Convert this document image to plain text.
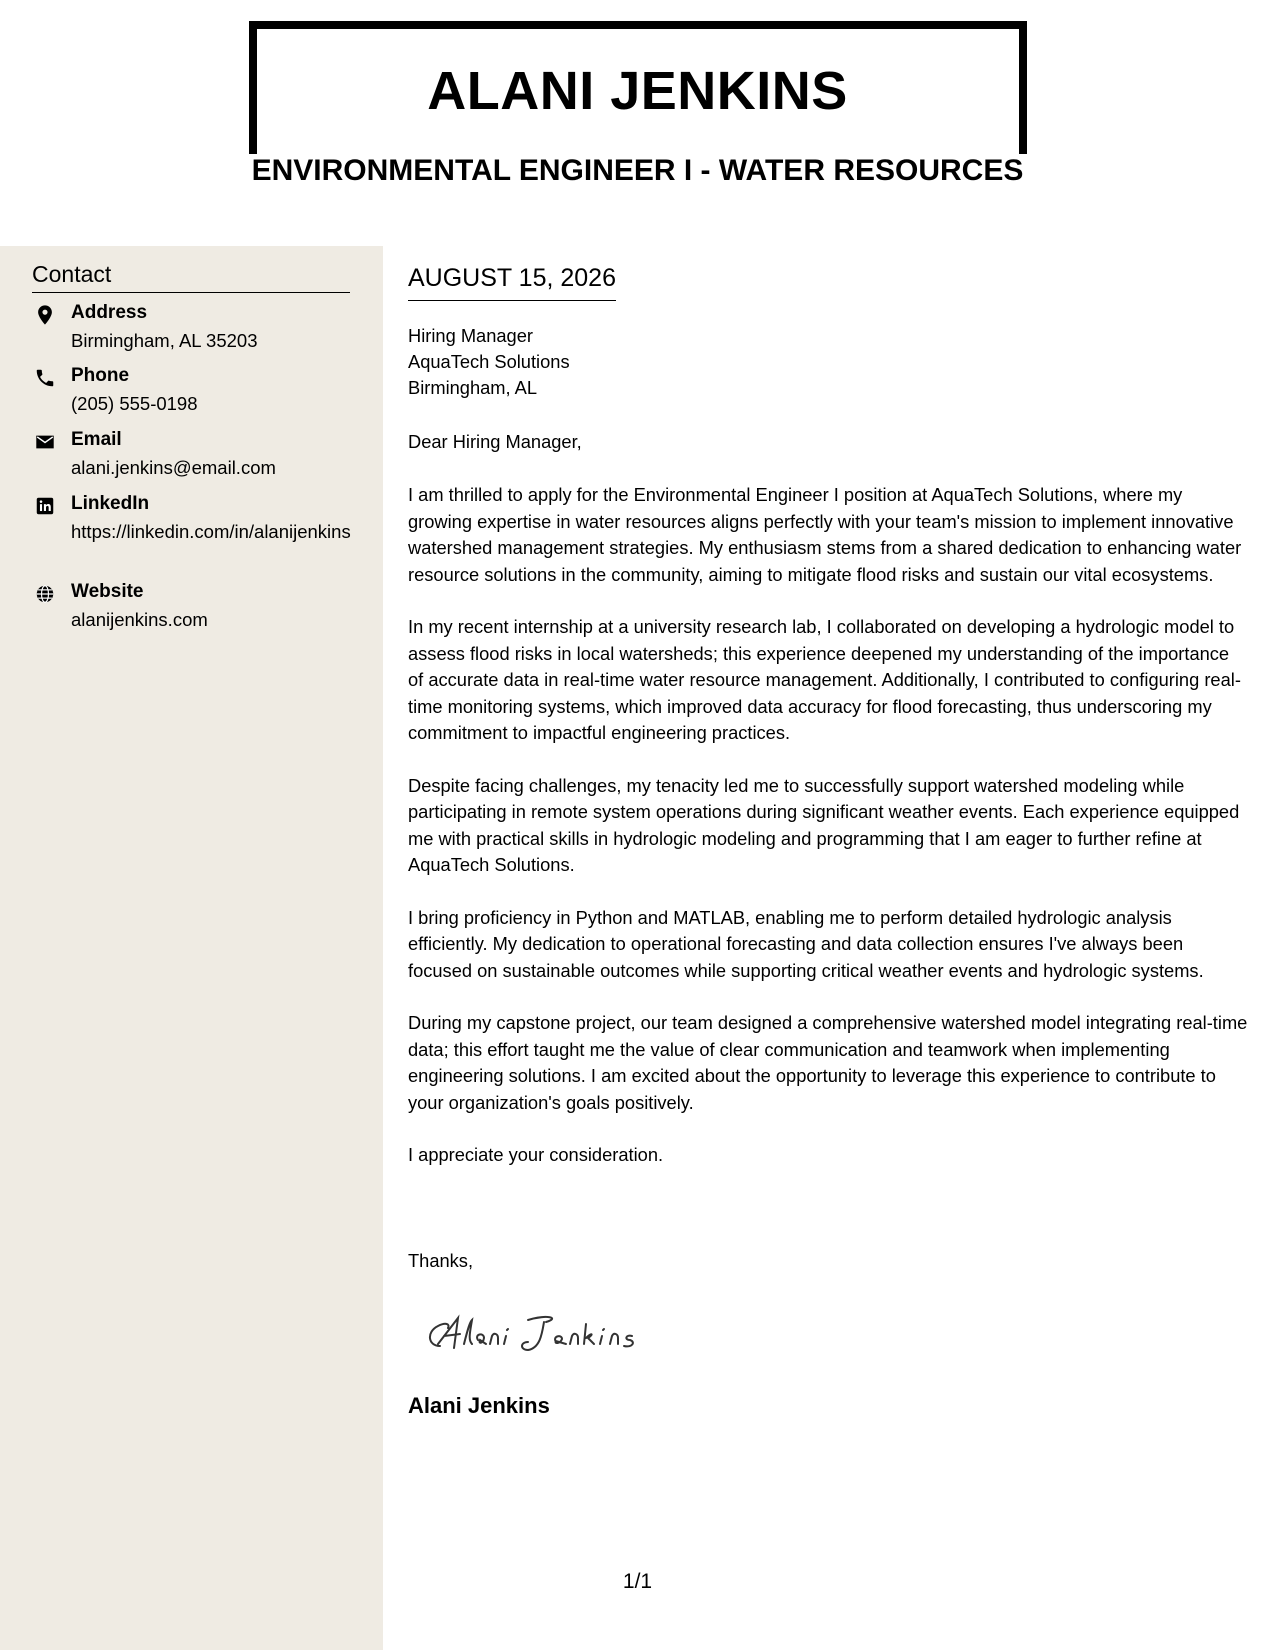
ALANI JENKINS
ENVIRONMENTAL ENGINEER I - WATER RESOURCES
Contact
Address
Birmingham, AL 35203
Phone
(205) 555-0198
Email
alani.jenkins@email.com
LinkedIn
https://linkedin.com/in/alanijenkins
Website
alanijenkins.com
AUGUST 15, 2026
Hiring Manager
AquaTech Solutions
Birmingham, AL
Dear Hiring Manager,

I am thrilled to apply for the Environmental Engineer I position at AquaTech Solutions, where my growing expertise in water resources aligns perfectly with your team's mission to implement innovative watershed management strategies. My enthusiasm stems from a shared dedication to enhancing water resource solutions in the community, aiming to mitigate flood risks and sustain our vital ecosystems.

In my recent internship at a university research lab, I collaborated on developing a hydrologic model to assess flood risks in local watersheds; this experience deepened my understanding of the importance of accurate data in real-time water resource management. Additionally, I contributed to configuring real-time monitoring systems, which improved data accuracy for flood forecasting, thus underscoring my commitment to impactful engineering practices.

Despite facing challenges, my tenacity led me to successfully support watershed modeling while participating in remote system operations during significant weather events. Each experience equipped me with practical skills in hydrologic modeling and programming that I am eager to further refine at AquaTech Solutions.

I bring proficiency in Python and MATLAB, enabling me to perform detailed hydrologic analysis efficiently. My dedication to operational forecasting and data collection ensures I've always been focused on sustainable outcomes while supporting critical weather events and hydrologic systems.

During my capstone project, our team designed a comprehensive watershed model integrating real-time data; this effort taught me the value of clear communication and teamwork when implementing engineering solutions. I am excited about the opportunity to leverage this experience to contribute to your organization's goals positively.

I appreciate your consideration.

Thanks,
Alani Jenkins
1/1
